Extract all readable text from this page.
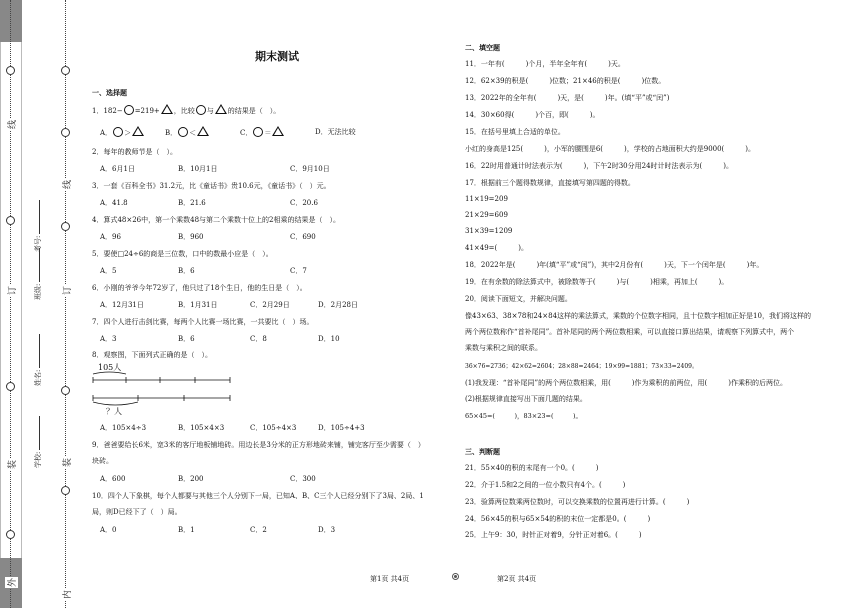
线
订
装
外
线
订
装
内
学校:
姓名:
班级:
考号:
期末测试
一、选择题
1．182− =219+ ，比较 与 的结果是（　）。
A． ＞	B． ＜	C． ＝	D．无法比较
2．每年的教师节是（　）。
A．6月1日	B．10月1日	C．9月10日
3．一套《百科全书》31.2元，比《童话书》贵10.6元，《童话书》（　）元。
A．41.8	B．21.6	C．20.6
4．算式48×26中，第一个乘数48与第二个乘数十位上的2相乘的结果是（　）。
A．96	B．960	C．690
5．要使□24÷6的商是三位数，口中的数最小应是（　）。
A．5	B．6	C．7
6．小刚的爷爷今年72岁了，他只过了18个生日，他的生日是（　）。
A．12月31日	B．1月31日	C．2月29日	D．2月28日
7．四个人进行击剑比赛，每两个人比赛一场比赛，一共要比（　）场。
A．3	B．6	C．8	D．10
8．观察图，下面列式正确的是（　）。
105人
？人
A．105×4÷3	B．105×4×3	C．105÷4×3	D．105÷4+3
9．爸爸要给长6米，宽3米的客厅地板铺地砖。用边长是3分米的正方形地砖来铺，铺完客厅至少需要（　）
块砖。
A．600	B．200	C．300
10．四个人下象棋，每个人都要与其他三个人分别下一局，已知A、B、C三个人已经分别下了3局、2局、1
局，则D已经下了（　）局。
A．0	B．1	C．2	D．3
二、填空题
11．一年有(　　　)个月，半年全年有(　　　)天。
12．62×39的积是(　　　)位数；21×46的积是(　　　)位数。
13．2022年的全年有(　　　)天，是(　　　)年。(填“平”或“闰”)
14．30×60得(　　　)个百，即(　　　)。
15．在括号里填上合适的单位。
小红的身高是125(　　　)，小军的腰围是6(　　　)，学校的占地面积大约是9000(　　　)。
16．22时用普通计时法表示为(　　　)，下午2时30分用24时计时法表示为(　　　)。
17．根据前三个题得数规律，直接填写第四题的得数。
11×19=209
21×29=609
31×39=1209
41×49=(　　　)。
18．2022年是(　　　)年(填“平”或“闰”)，其中2月份有(　　　)天，下一个闰年是(　　　)年。
19．在有余数的除法算式中，被除数等于(　　　)与(　　　)相乘，再加上(　　　)。
20．阅读下面短文，并解决问题。
像43×63、38×78和24×84这样的乘法算式，乘数的个位数字相同，且十位数字相加正好是10，我们将这样的
两个两位数称作“首补尾同”。首补尾同的两个两位数相乘，可以直接口算出结果，请观察下列算式中，两个
乘数与乘积之间的联系。
36×76=2736；42×62=2604；28×88=2464；19×99=1881；73×33=2409。
(1)我发现：“首补尾同”的两个两位数相乘，用(　　　)作为乘积的前两位，用(　　　)作乘积的后两位。
(2)根据规律直接写出下面几题的结果。
65×45=(　　　)，83×23=(　　　)。
三、判断题
21．55×40的积的末尾有一个0。(　　　)
22．介于1.5和2之间的一位小数只有4个。(　　　)
23．验算两位数乘两位数时，可以交换乘数的位置再进行计算。(　　　)
24．56×45的积与65×54的积的末位一定都是0。(　　　)
25．上午9：30，时针正对着9，分针正对着6。(　　　)
第1页 共4页	第2页 共4页
